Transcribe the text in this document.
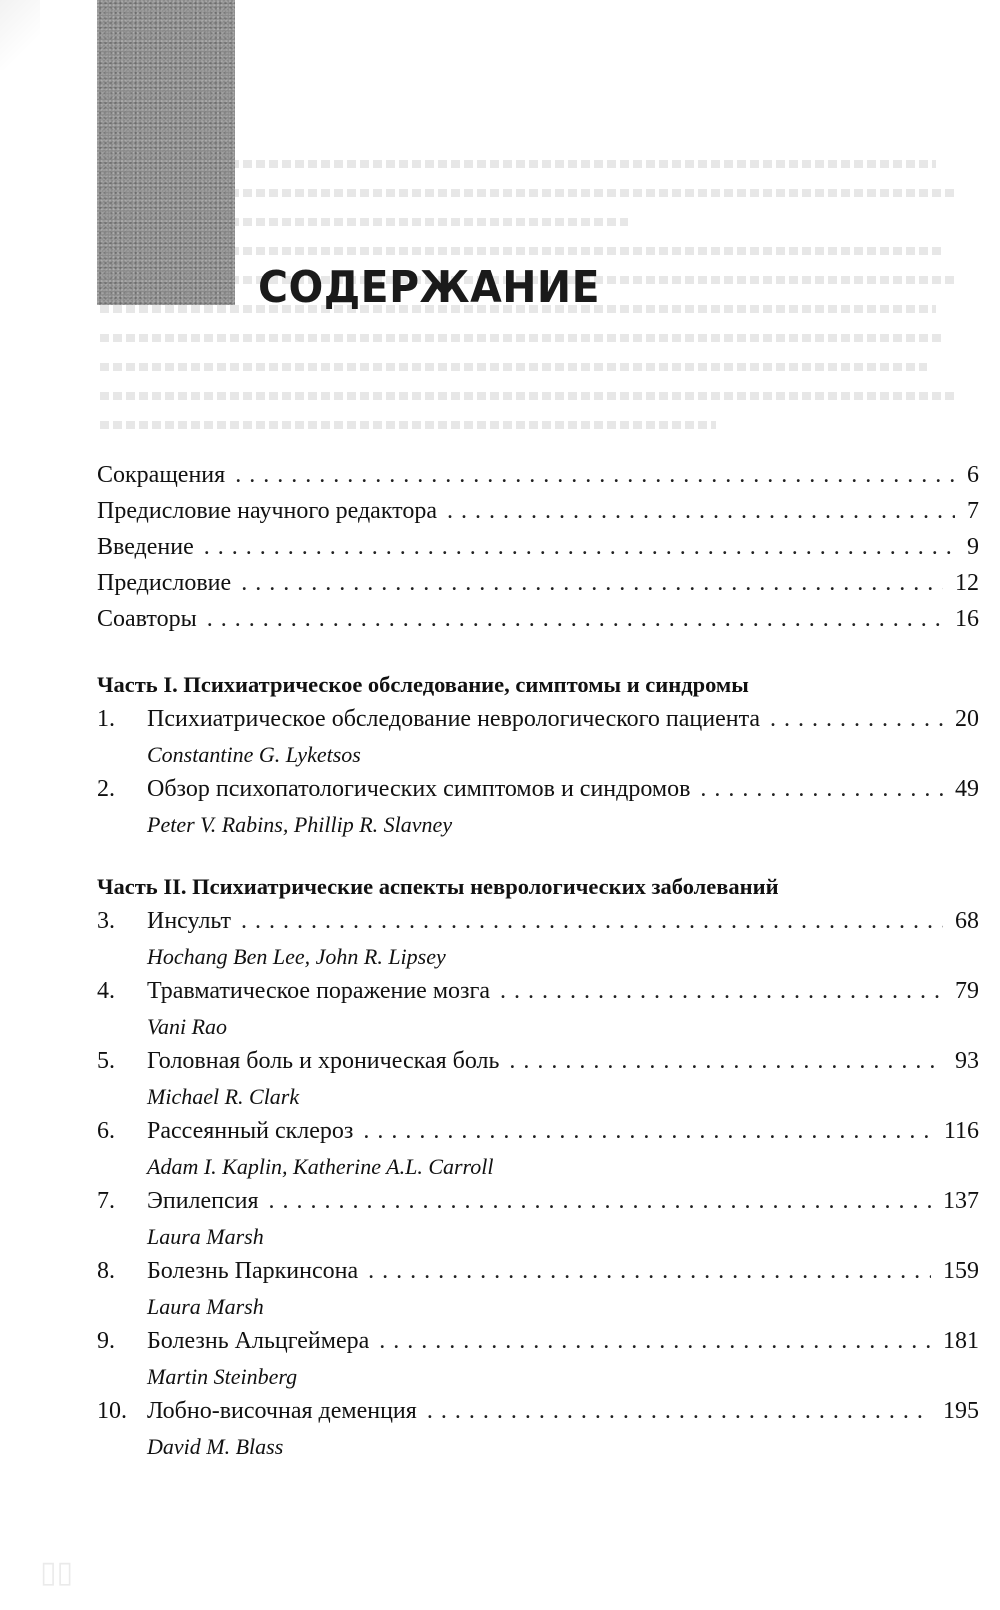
СОДЕРЖАНИЕ
Сокращения . . .	6
Предисловие научного редактора . . .	7
Введение . . .	9
Предисловие . . .	12
Соавторы . . .	16
Часть I. Психиатрическое обследование, симптомы и синдромы
1.	Психиатрическое обследование неврологического пациента . . .	20
Constantine G. Lyketsos
2.	Обзор психопатологических симптомов и синдромов . . .	49
Peter V. Rabins, Phillip R. Slavney
Часть II. Психиатрические аспекты неврологических заболеваний
3.	Инсульт . . .	68
Hochang Ben Lee, John R. Lipsey
4.	Травматическое поражение мозга . . .	79
Vani Rao
5.	Головная боль и хроническая боль . . .	93
Michael R. Clark
6.	Рассеянный склероз . . .	116
Adam I. Kaplin, Katherine A.L. Carroll
7.	Эпилепсия . . .	137
Laura Marsh
8.	Болезнь Паркинсона . . .	159
Laura Marsh
9.	Болезнь Альцгеймера . . .	181
Martin Steinberg
10. Лобно-височная деменция . . .	195
David M. Blass
▯▯
